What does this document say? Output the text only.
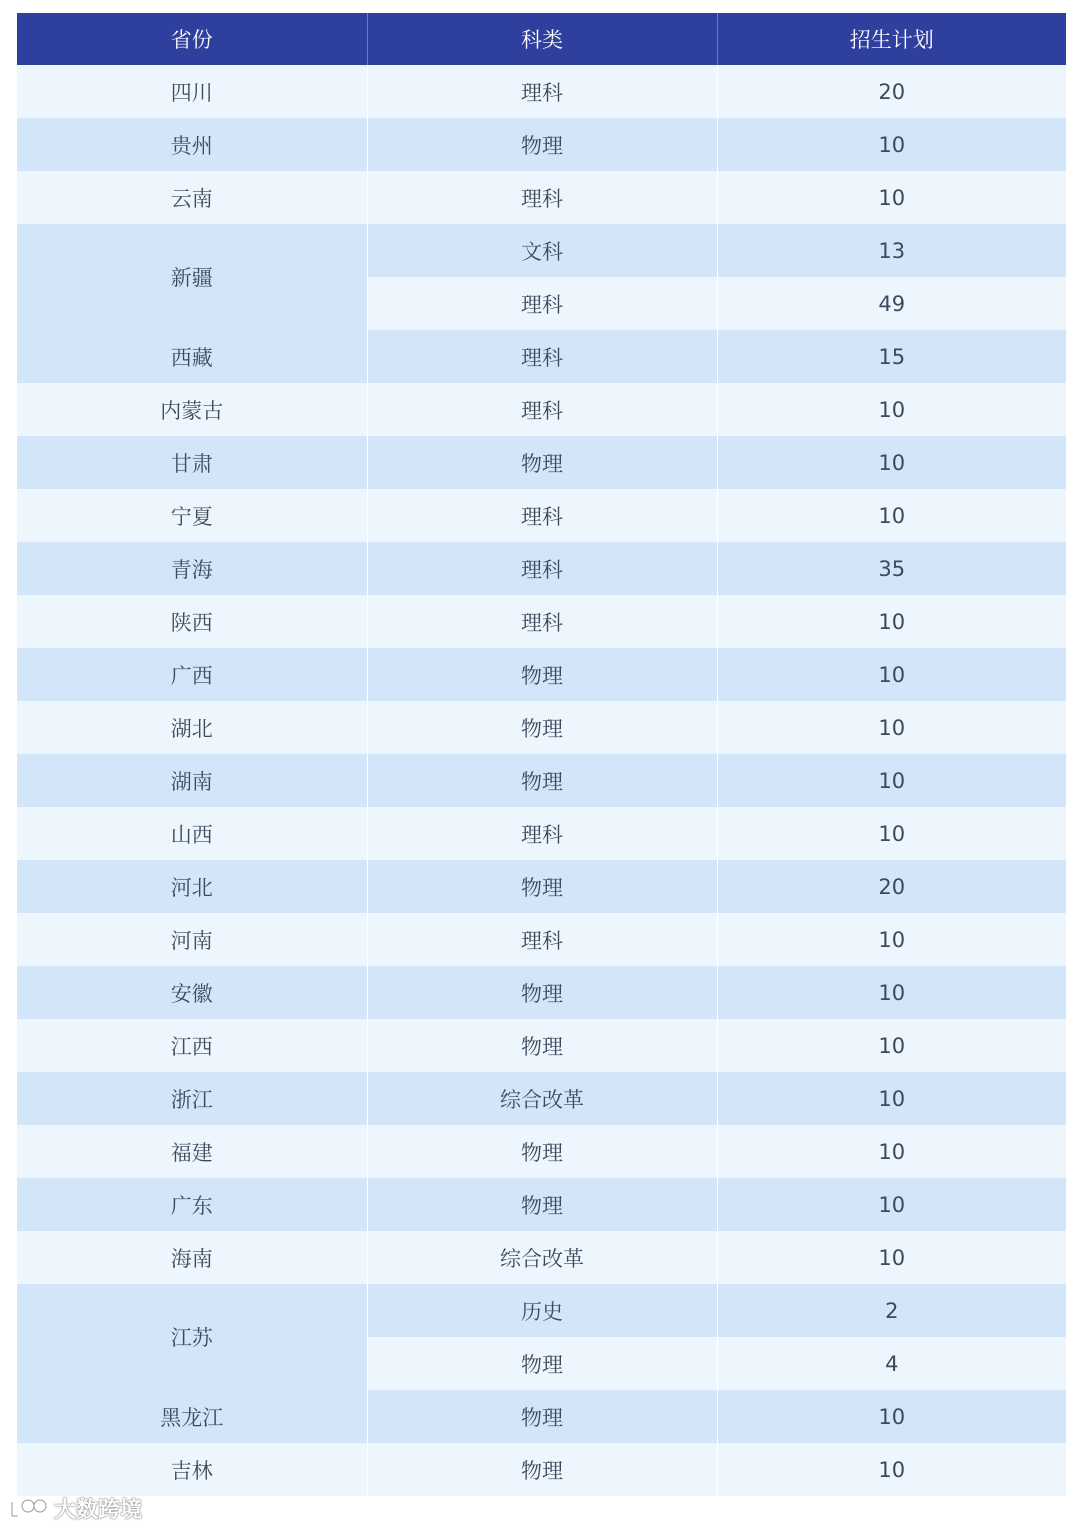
省份	科类	招生计划
四川	理科	20
贵州	物理	10
云南	理科	10
新疆	文科	13
	理科	49
西藏	理科	15
内蒙古	理科	10
甘肃	物理	10
宁夏	理科	10
青海	理科	35
陕西	理科	10
广西	物理	10
湖北	物理	10
湖南	物理	10
山西	理科	10
河北	物理	20
河南	理科	10
安徽	物理	10
江西	物理	10
浙江	综合改革	10
福建	物理	10
广东	物理	10
海南	综合改革	10
江苏	历史	2
	物理	4
黑龙江	物理	10
吉林	物理	10
大数跨境
